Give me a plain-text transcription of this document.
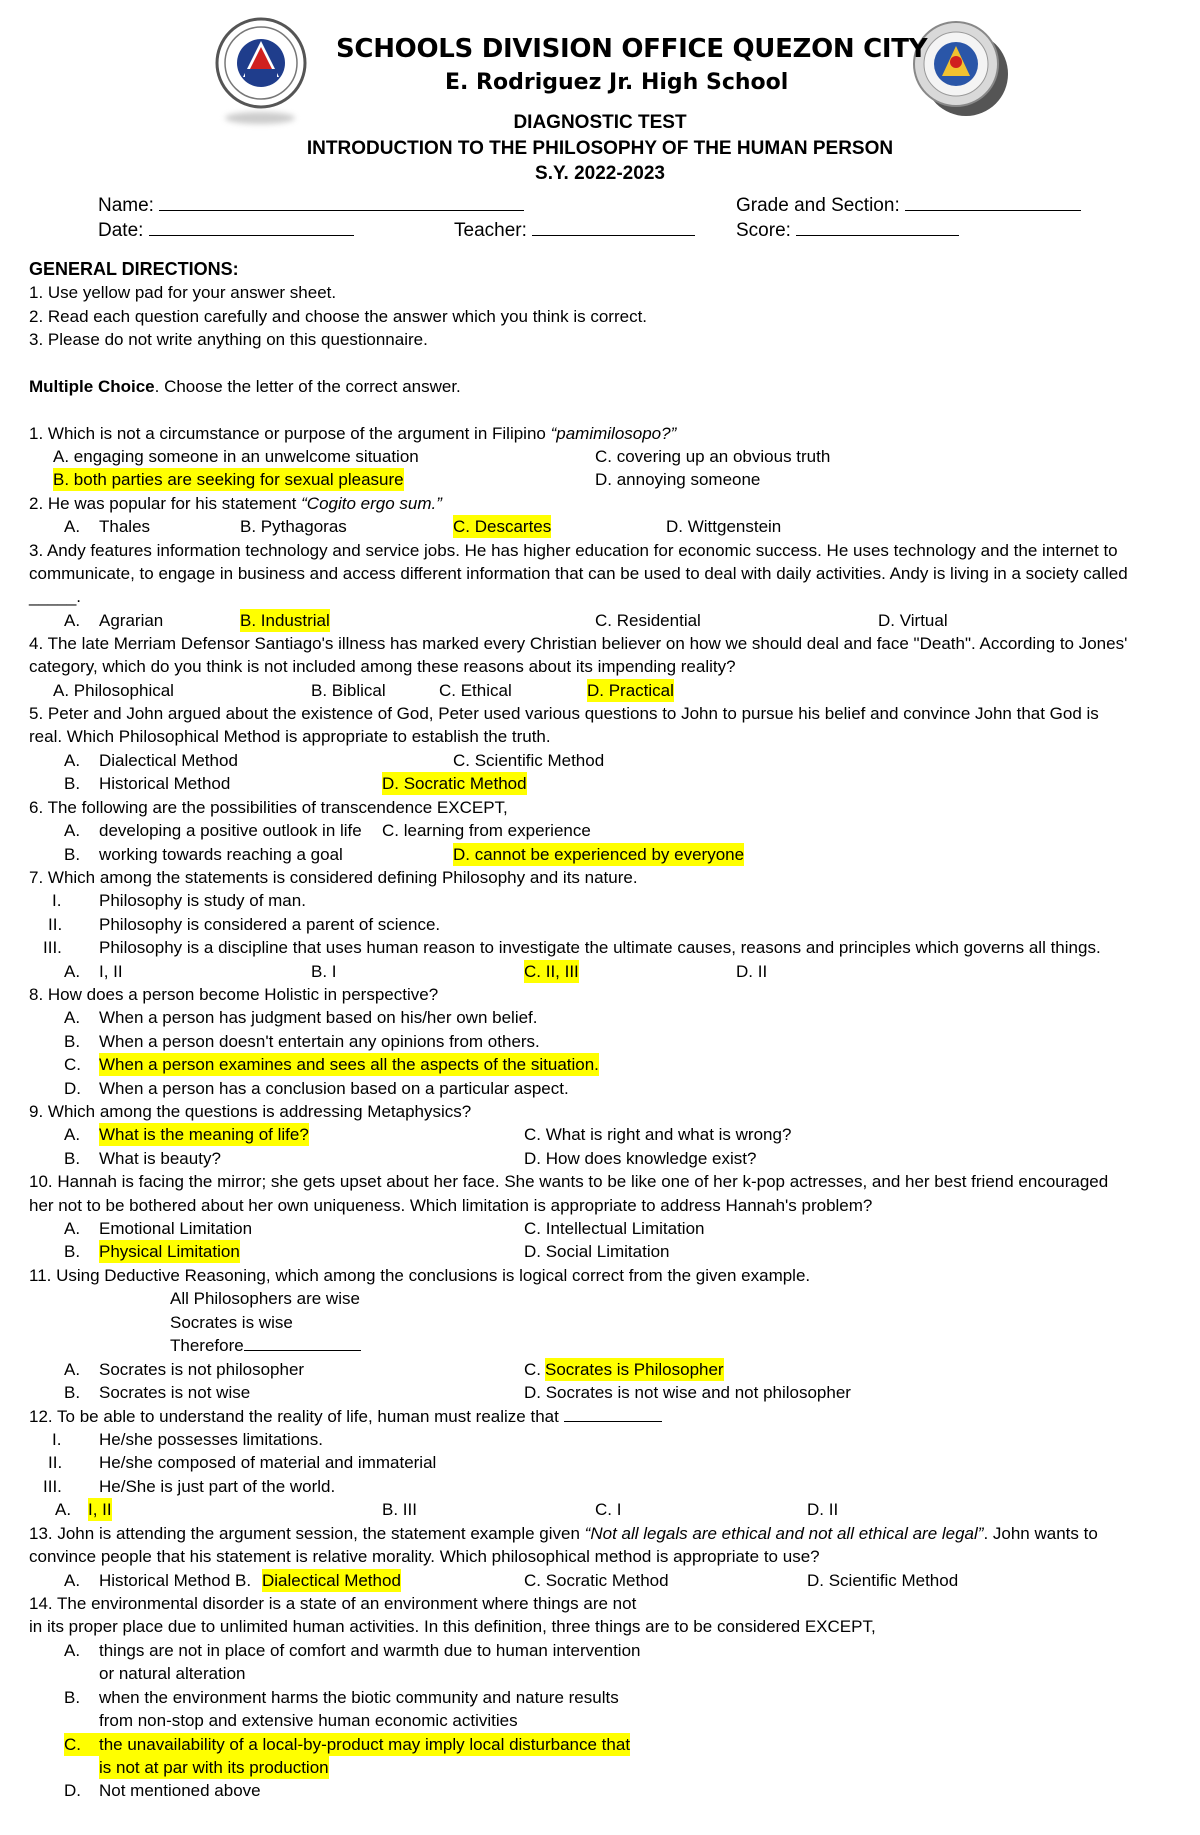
SCHOOLS DIVISION OFFICE QUEZON CITY
E. Rodriguez Jr. High School
DIAGNOSTIC TEST
INTRODUCTION TO THE PHILOSOPHY OF THE HUMAN PERSON
S.Y. 2022-2023
Name:	Grade and Section:
Date:	Teacher:	Score:
GENERAL DIRECTIONS:
1. Use yellow pad for your answer sheet.
2. Read each question carefully and choose the answer which you think is correct.
3. Please do not write anything on this questionnaire.
Multiple Choice. Choose the letter of the correct answer.
1. Which is not a circumstance or purpose of the argument in Filipino “pamimilosopo?”
A. engaging someone in an unwelcome situation	C. covering up an obvious truth
B. both parties are seeking for sexual pleasure	D. annoying someone
2. He was popular for his statement “Cogito ergo sum.”
A. Thales	B. Pythagoras	C. Descartes	D. Wittgenstein
3. Andy features information technology and service jobs. He has higher education for economic success. He uses technology and the internet to
communicate, to engage in business and access different information that can be used to deal with daily activities. Andy is living in a society called
_____.
A. Agrarian	B. Industrial	C. Residential	D. Virtual
4. The late Merriam Defensor Santiago's illness has marked every Christian believer on how we should deal and face "Death". According to Jones'
category, which do you think is not included among these reasons about its impending reality?
A. Philosophical	B. Biblical	C. Ethical	D. Practical
5. Peter and John argued about the existence of God, Peter used various questions to John to pursue his belief and convince John that God is
real. Which Philosophical Method is appropriate to establish the truth.
A. Dialectical Method	C. Scientific Method
B. Historical Method	D. Socratic Method
6. The following are the possibilities of transcendence EXCEPT,
A. developing a positive outlook in life C. learning from experience
B. working towards reaching a goal	D. cannot be experienced by everyone
7. Which among the statements is considered defining Philosophy and its nature.
I. Philosophy is study of man.
II. Philosophy is considered a parent of science.
III. Philosophy is a discipline that uses human reason to investigate the ultimate causes, reasons and principles which governs all things.
A. I, II	B. I	C. II, III	D. II
8. How does a person become Holistic in perspective?
A. When a person has judgment based on his/her own belief.
B. When a person doesn't entertain any opinions from others.
C. When a person examines and sees all the aspects of the situation.
D. When a person has a conclusion based on a particular aspect.
9. Which among the questions is addressing Metaphysics?
A. What is the meaning of life?	C. What is right and what is wrong?
B. What is beauty?	D. How does knowledge exist?
10. Hannah is facing the mirror; she gets upset about her face. She wants to be like one of her k-pop actresses, and her best friend encouraged
her not to be bothered about her own uniqueness. Which limitation is appropriate to address Hannah's problem?
A. Emotional Limitation	C. Intellectual Limitation
B. Physical Limitation	D. Social Limitation
11. Using Deductive Reasoning, which among the conclusions is logical correct from the given example.
All Philosophers are wise
Socrates is wise
Therefore
A. Socrates is not philosopher	C. Socrates is Philosopher
B. Socrates is not wise	D. Socrates is not wise and not philosopher
12. To be able to understand the reality of life, human must realize that
I. He/she possesses limitations.
II. He/she composed of material and immaterial
III. He/She is just part of the world.
A. I, II	B. III	C. I	D. II
13. John is attending the argument session, the statement example given “Not all legals are ethical and not all ethical are legal”. John wants to
convince people that his statement is relative morality. Which philosophical method is appropriate to use?
A. Historical Method B. Dialectical Method	C. Socratic Method	D. Scientific Method
14. The environmental disorder is a state of an environment where things are not
in its proper place due to unlimited human activities. In this definition, three things are to be considered EXCEPT,
A. things are not in place of comfort and warmth due to human intervention
or natural alteration
B. when the environment harms the biotic community and nature results
from non-stop and extensive human economic activities
C.	the unavailability of a local-by-product may imply local disturbance that
is not at par with its production
D. Not mentioned above
